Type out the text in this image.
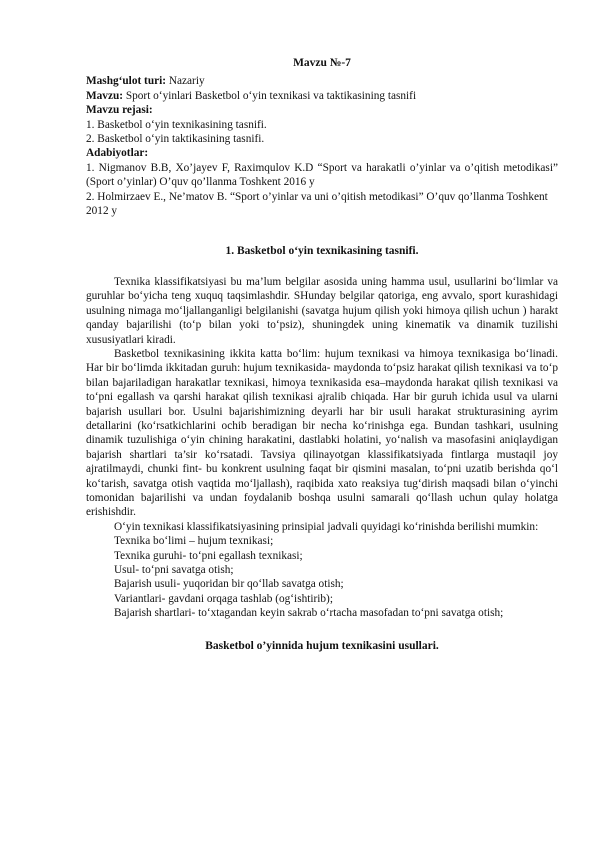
Mavzu №-7

Mashg‘ulot turi: Nazariy

Mavzu: Sport o‘yinlari Basketbol o‘yin texnikasi va taktikasining tasnifi

Mavzu rejasi:

1. Basketbol o‘yin texnikasining tasnifi.

2. Basketbol o‘yin taktikasining tasnifi.

Adabiyotlar:

1. Nigmanov B.B, Xo’jayev F, Raximqulov K.D “Sport va harakatli o’yinlar va o’qitish metodikasi” (Sport o’yinlar) O’quv qo’llanma Toshkent 2016 y

2. Holmirzaev E., Ne’matov B. “Sport o’yinlar va uni o’qitish metodikasi” O’quv qo’llanma Toshkent 2012 y

1. Basketbol o‘yin texnikasining tasnifi.

Texnika klassifikatsiyasi bu ma’lum belgilar asosida uning hamma usul, usullarini bo‘limlar va guruhlar bo‘yicha teng xuquq taqsimlashdir. SHunday belgilar qatoriga, eng avvalo, sport kurashidagi usulning nimaga mo‘ljallanganligi belgilanishi (savatga hujum qilish yoki himoya qilish uchun ) harakt qanday bajarilishi (to‘p bilan yoki to‘psiz), shuningdek uning kinematik va dinamik tuzilishi xususiyatlari kiradi.

Basketbol texnikasining ikkita katta bo‘lim: hujum texnikasi va himoya texnikasiga bo‘linadi. Har bir bo‘limda ikkitadan guruh: hujum texnikasida- maydonda to‘psiz harakat qilish texnikasi va to‘p bilan bajariladigan harakatlar texnikasi, himoya texnikasida esa–maydonda harakat qilish texnikasi va to‘pni egallash va qarshi harakat qilish texnikasi ajralib chiqada. Har bir guruh ichida usul va ularni bajarish usullari bor. Usulni bajarishimizning deyarli har bir usuli harakat strukturasining ayrim detallarini (ko‘rsatkichlarini ochib beradigan bir necha ko‘rinishga ega. Bundan tashkari, usulning dinamik tuzulishiga o‘yin chining harakatini, dastlabki holatini, yo‘nalish va masofasini aniqlaydigan bajarish shartlari ta’sir ko‘rsatadi. Tavsiya qilinayotgan klassifikatsiyada fintlarga mustaqil joy ajratilmaydi, chunki fint- bu konkrent usulning faqat bir qismini masalan, to‘pni uzatib berishda qo‘l ko‘tarish, savatga otish vaqtida mo‘ljallash), raqibida xato reaksiya tug‘dirish maqsadi bilan o‘yinchi tomonidan bajarilishi va undan foydalanib boshqa usulni samarali qo‘llash uchun qulay holatga erishishdir.

O‘yin texnikasi klassifikatsiyasining prinsipial jadvali quyidagi ko‘rinishda berilishi mumkin:

Texnika bo‘limi – hujum texnikasi;

Texnika guruhi- to‘pni egallash texnikasi;

Usul- to‘pni savatga otish;

Bajarish usuli- yuqoridan bir qo‘llab savatga otish;

Variantlari- gavdani orqaga tashlab (og‘ishtirib);

Bajarish shartlari- to‘xtagandan keyin sakrab o‘rtacha masofadan to‘pni savatga otish;

Basketbol o’yinnida hujum texnikasini usullari.
